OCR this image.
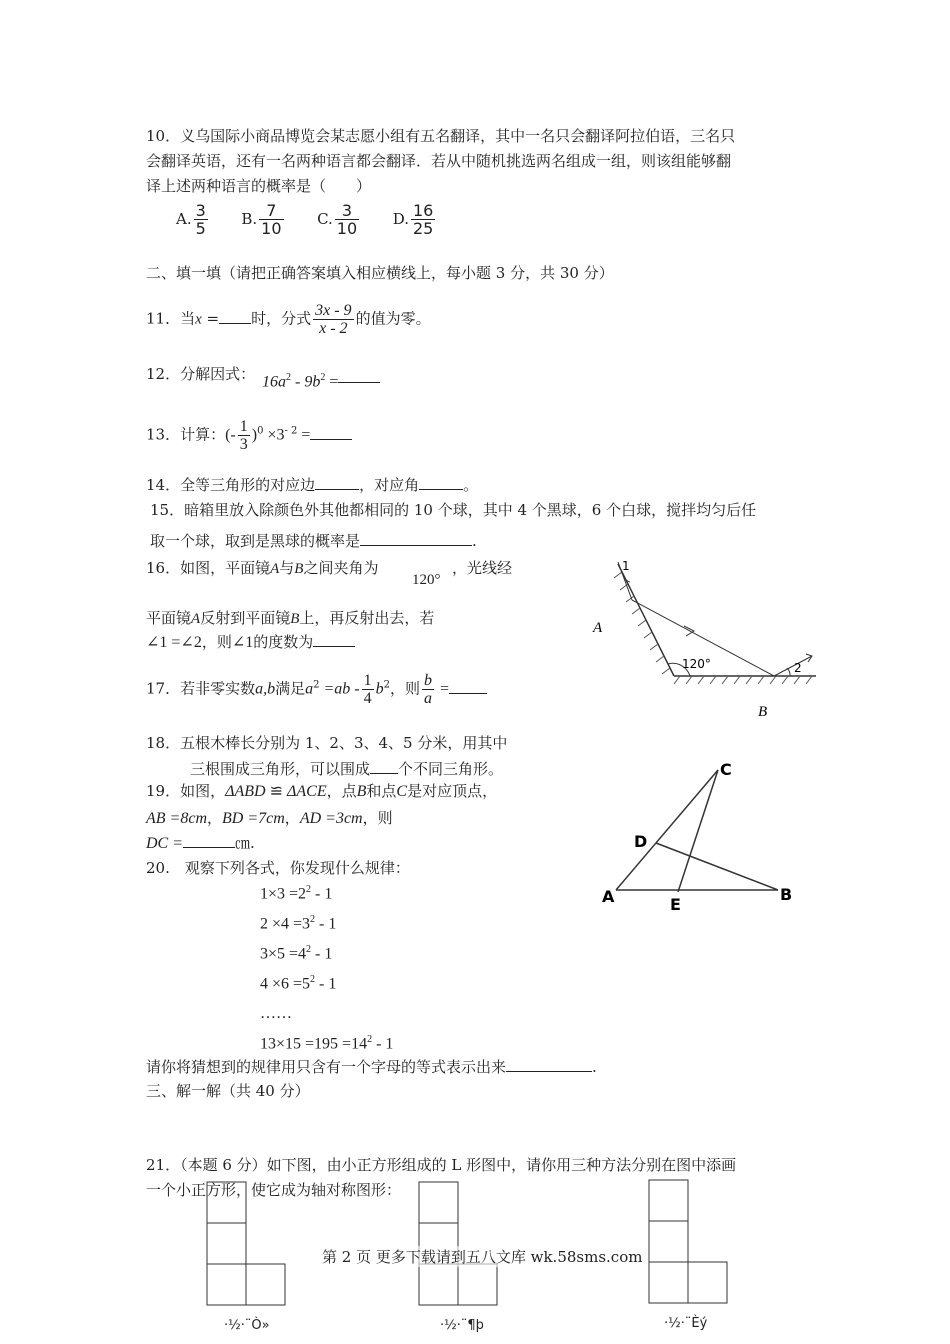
10．义乌国际小商品博览会某志愿小组有五名翻译，其中一名只会翻译阿拉伯语，三名只
会翻译英语，还有一名两种语言都会翻译．若从中随机挑选两名组成一组，则该组能够翻
译上述两种语言的概率是（　　）
A. $\frac{3}{5} B$. $\frac{7}{10} C$. $\frac{3}{10} D$. $\frac{16}{25}$
二、填一填（请把正确答案填入相应横线上，每小题 3 分，共 30 分）
11．当x = 时，分式 $\frac{3x - 9}{x - 2}$ 的值为零。
12．分解因式： $16a^2 - 9b^2$ =
13．计算：(- $\frac{1}{3} )^0 \times 3^{- 2}$ =
14．全等三角形的对应边	，对应角	。
15．暗箱里放入除颜色外其他都相同的 10 个球，其中 4 个黑球，6 个白球，搅拌均匀后任
取一个球，取到是黑球的概率是	.
16．如图，平面镜A与B之间夹角为
120°
，光线经
平面镜A反射到平面镜B上，再反射出去，若
∠1 =∠2，则∠1的度数为
1
2
120°
A
B
17．若非零实数a,b满足$a^2 =ab - \frac{1}{4} b^2$，则 $\frac{b}{a}$ =
18．五根木棒长分别为 1、2、3、4、5 分米，用其中
三根围成三角形，可以围成 个不同三角形。
19．如图，ΔABD ≌ ΔACE，点B和点C是对应顶点，
AB =8cm，BD =7cm，AD =3cm，则
DC =	㎝.
C
D
A	E
B
20.　观察下列各式，你发现什么规律：
$1\times 3 =2^2 - 1$
$2 \times 4 =3^2 - 1$
$3\times 5 =4^2 - 1$
$4 \times 6 =5^2 - 1$
……
$13\times 15 =195 =14^2 - 1$
请你将猜想到的规律用只含有一个字母的等式表示出来	.
三、解一解（共 40 分）
21．（本题 6 分）如下图，由小正方形组成的 L 形图中，请你用三种方法分别在图中添画
一个小正方形，使它成为轴对称图形：
第 2 页 更多下载请到五八文库 wk.58sms.com
·½·¨Ò»	·½·¨¶þ	·½·¨Èý
